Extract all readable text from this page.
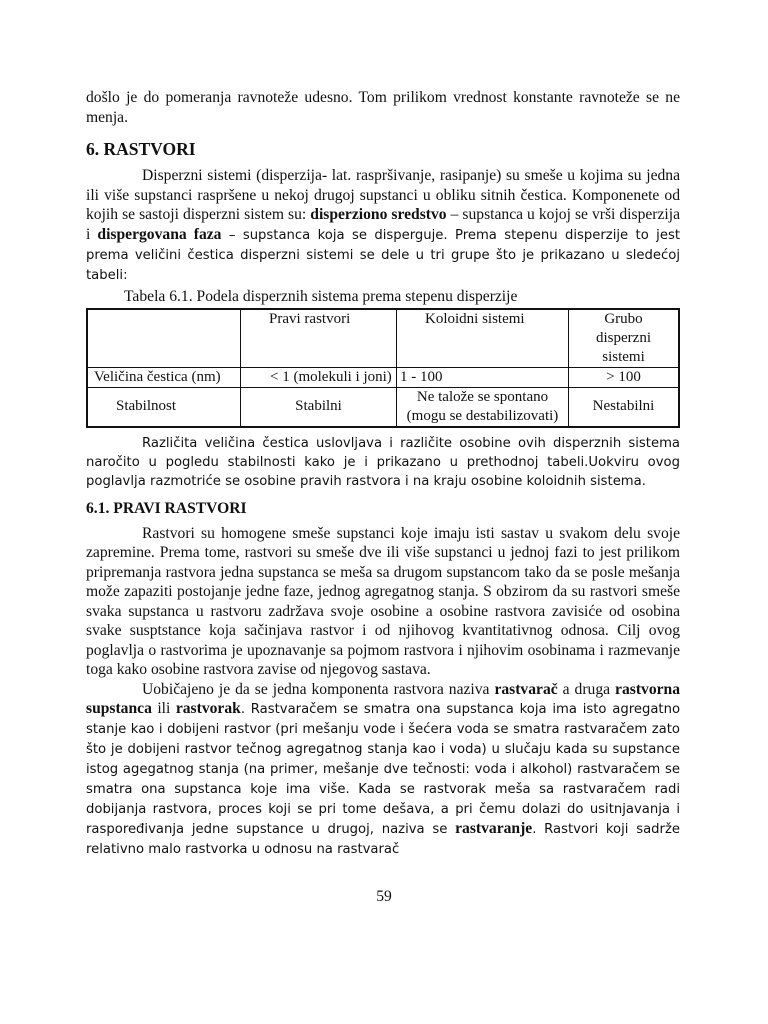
došlo je do pomeranja ravnoteže udesno. Tom prilikom vrednost konstante ravnoteže se ne menja.

6. RASTVORI

Disperzni sistemi (disperzija- lat. raspršivanje, rasipanje) su smeše u kojima su jedna ili više supstanci raspršene u nekoj drugoj supstanci u obliku sitnih čestica. Komponenete od kojih se sastoji disperzni sistem su: disperziono sredstvo – supstanca u kojoj se vrši disperzija i dispergovana faza – supstanca koja se disperguje. Prema stepenu disperzije to jest prema veličini čestica disperzni sistemi se dele u tri grupe što je prikazano u sledećoj tabeli:

Tabela 6.1. Podela disperznih sistema prema stepenu disperzije
	Pravi rastvori	Koloidni sistemi	Grubo disperzni sistemi
Veličina čestica (nm)	< 1 (molekuli i joni)	1 - 100	> 100
Stabilnost	Stabilni	Ne talože se spontano (mogu se destabilizovati)	Nestabilni

Različita veličina čestica uslovljava i različite osobine ovih disperznih sistema naročito u pogledu stabilnosti kako je i prikazano u prethodnoj tabeli.Uokviru ovog poglavlja razmotriće se osobine pravih rastvora i na kraju osobine koloidnih sistema.

6.1. PRAVI RASTVORI

Rastvori su homogene smeše supstanci koje imaju isti sastav u svakom delu svoje zapremine. Prema tome, rastvori su smeše dve ili više supstanci u jednoj fazi to jest prilikom pripremanja rastvora jedna supstanca se meša sa drugom supstancom tako da se posle mešanja može zapaziti postojanje jedne faze, jednog agregatnog stanja. S obzirom da su rastvori smeše svaka supstanca u rastvoru zadržava svoje osobine a osobine rastvora zavisiće od osobina svake susptstance koja sačinjava rastvor i od njihovog kvantitativnog odnosa. Cilj ovog poglavlja o rastvorima je upoznavanje sa pojmom rastvora i njihovim osobinama i razmevanje toga kako osobine rastvora zavise od njegovog sastava.

Uobičajeno je da se jedna komponenta rastvora naziva rastvarač a druga rastvorna supstanca ili rastvorak. Rastvaračem se smatra ona supstanca koja ima isto agregatno stanje kao i dobijeni rastvor (pri mešanju vode i šećera voda se smatra rastvaračem zato što je dobijeni rastvor tečnog agregatnog stanja kao i voda) u slučaju kada su supstance istog agegatnog stanja (na primer, mešanje dve tečnosti: voda i alkohol) rastvaračem se smatra ona supstanca koje ima više. Kada se rastvorak meša sa rastvaračem radi dobijanja rastvora, proces koji se pri tome dešava, a pri čemu dolazi do usitnjavanja i raspoređivanja jedne supstance u drugoj, naziva se rastvaranje. Rastvori koji sadrže relativno malo rastvorka u odnosu na rastvarač

59
